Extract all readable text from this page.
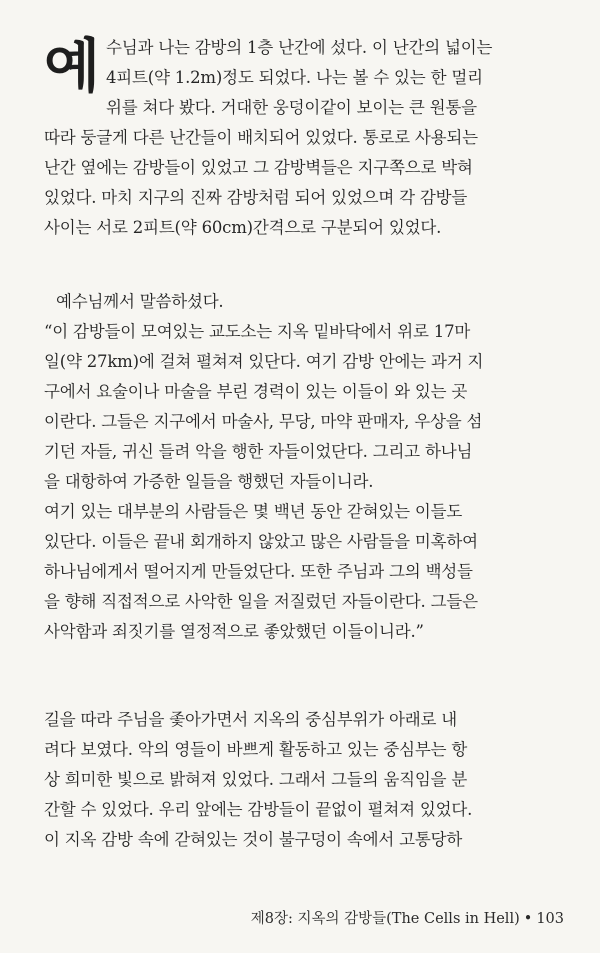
예 수님과 나는 감방의 1층 난간에 섰다. 이 난간의 넓이는
4피트(약 1.2m)정도 되었다. 나는 볼 수 있는 한 멀리
위를 쳐다 봤다. 거대한 웅덩이같이 보이는 큰 원통을
따라 둥글게 다른 난간들이 배치되어 있었다. 통로로 사용되는
난간 옆에는 감방들이 있었고 그 감방벽들은 지구쪽으로 박혀
있었다. 마치 지구의 진짜 감방처럼 되어 있었으며 각 감방들
사이는 서로 2피트(약 60cm)간격으로 구분되어 있었다.
예수님께서 말씀하셨다.
“이 감방들이 모여있는 교도소는 지옥 밑바닥에서 위로 17마
일(약 27km)에 걸쳐 펼쳐져 있단다. 여기 감방 안에는 과거 지
구에서 요술이나 마술을 부린 경력이 있는 이들이 와 있는 곳
이란다. 그들은 지구에서 마술사, 무당, 마약 판매자, 우상을 섬
기던 자들, 귀신 들려 악을 행한 자들이었단다. 그리고 하나님
을 대항하여 가증한 일들을 행했던 자들이니라.
여기 있는 대부분의 사람들은 몇 백년 동안 갇혀있는 이들도
있단다. 이들은 끝내 회개하지 않았고 많은 사람들을 미혹하여
하나님에게서 떨어지게 만들었단다. 또한 주님과 그의 백성들
을 향해 직접적으로 사악한 일을 저질렀던 자들이란다. 그들은
사악함과 죄짓기를 열정적으로 좋았했던 이들이니라.”
길을 따라 주님을 좇아가면서 지옥의 중심부위가 아래로 내
려다 보였다. 악의 영들이 바쁘게 활동하고 있는 중심부는 항
상 희미한 빛으로 밝혀져 있었다. 그래서 그들의 움직임을 분
간할 수 있었다. 우리 앞에는 감방들이 끝없이 펼쳐져 있었다.
이 지옥 감방 속에 갇혀있는 것이 불구덩이 속에서 고통당하
제8장: 지옥의 감방들(The Cells in Hell) • 103
